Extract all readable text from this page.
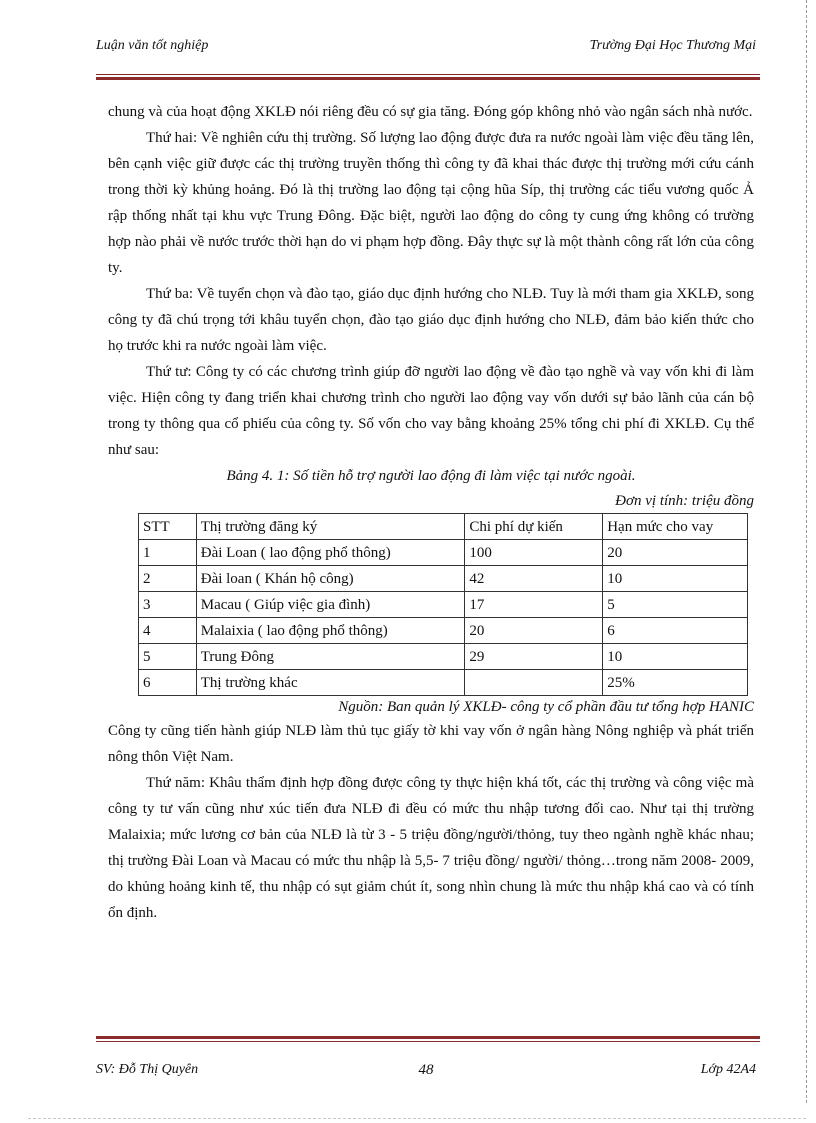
Luận văn tốt nghiệp	Trường Đại Học Thương Mại

chung và của hoạt động XKLĐ nói riêng đều có sự gia tăng. Đóng góp không nhỏ vào ngân sách nhà nước.

Thứ hai: Về nghiên cứu thị trường. Số lượng lao động được đưa ra nước ngoài làm việc đều tăng lên, bên cạnh việc giữ được các thị trường truyền thống thì công ty đã khai thác được thị trường mới cứu cánh trong thời kỳ khủng hoảng. Đó là thị trường lao động tại cộng hũa Síp, thị trường các tiểu vương quốc Ả rập thống nhất tại khu vực Trung Đông. Đặc biệt, người lao động do công ty cung ứng không có trường hợp nào phải về nước trước thời hạn do vi phạm hợp đồng. Đây thực sự là một thành công rất lớn của công ty.

Thứ ba: Về tuyển chọn và đào tạo, giáo dục định hướng cho NLĐ. Tuy là mới tham gia XKLĐ, song công ty đã chú trọng tới khâu tuyển chọn, đào tạo giáo dục định hướng cho NLĐ, đảm bảo kiến thức cho họ trước khi ra nước ngoài làm việc.

Thứ tư: Công ty có các chương trình giúp đỡ người lao động về đào tạo nghề và vay vốn khi đi làm việc. Hiện công ty đang triển khai chương trình cho người lao động vay vốn dưới sự bảo lãnh của cán bộ trong ty thông qua cổ phiếu của công ty. Số vốn cho vay bằng khoảng 25% tổng chi phí đi XKLĐ. Cụ thể như sau:

Bảng 4. 1: Số tiền hỗ trợ người lao động đi làm việc tại nước ngoài.

Đơn vị tính: triệu đồng

STT	Thị trường đăng ký	Chi phí dự kiến	Hạn mức cho vay
1	Đài Loan ( lao động phổ thông)	100	20
2	Đài loan ( Khán hộ công)	42	10
3	Macau ( Giúp việc gia đình)	17	5
4	Malaixia ( lao động phổ thông)	20	6
5	Trung Đông	29	10
6	Thị trường khác		25%

Nguồn: Ban quản lý XKLĐ- công ty cổ phần đầu tư tổng hợp HANIC

Công ty cũng tiến hành giúp NLĐ làm thủ tục giấy tờ khi vay vốn ở ngân hàng Nông nghiệp và phát triển nông thôn Việt Nam.

Thứ năm: Khâu thẩm định hợp đồng được công ty thực hiện khá tốt, các thị trường và công việc mà công ty tư vấn cũng như xúc tiến đưa NLĐ đi đều có mức thu nhập tương đối cao. Như tại thị trường Malaixia; mức lương cơ bản của NLĐ là từ 3 - 5 triệu đồng/người/thỏng, tuy theo ngành nghề khác nhau; thị trường Đài Loan và Macau có mức thu nhập là 5,5- 7 triệu đồng/ người/ thỏng…trong năm 2008- 2009, do khủng hoảng kinh tế, thu nhập có sụt giảm chút ít, song nhìn chung là mức thu nhập khá cao và có tính ổn định.

SV: Đỗ Thị Quyên	48	Lớp 42A4
